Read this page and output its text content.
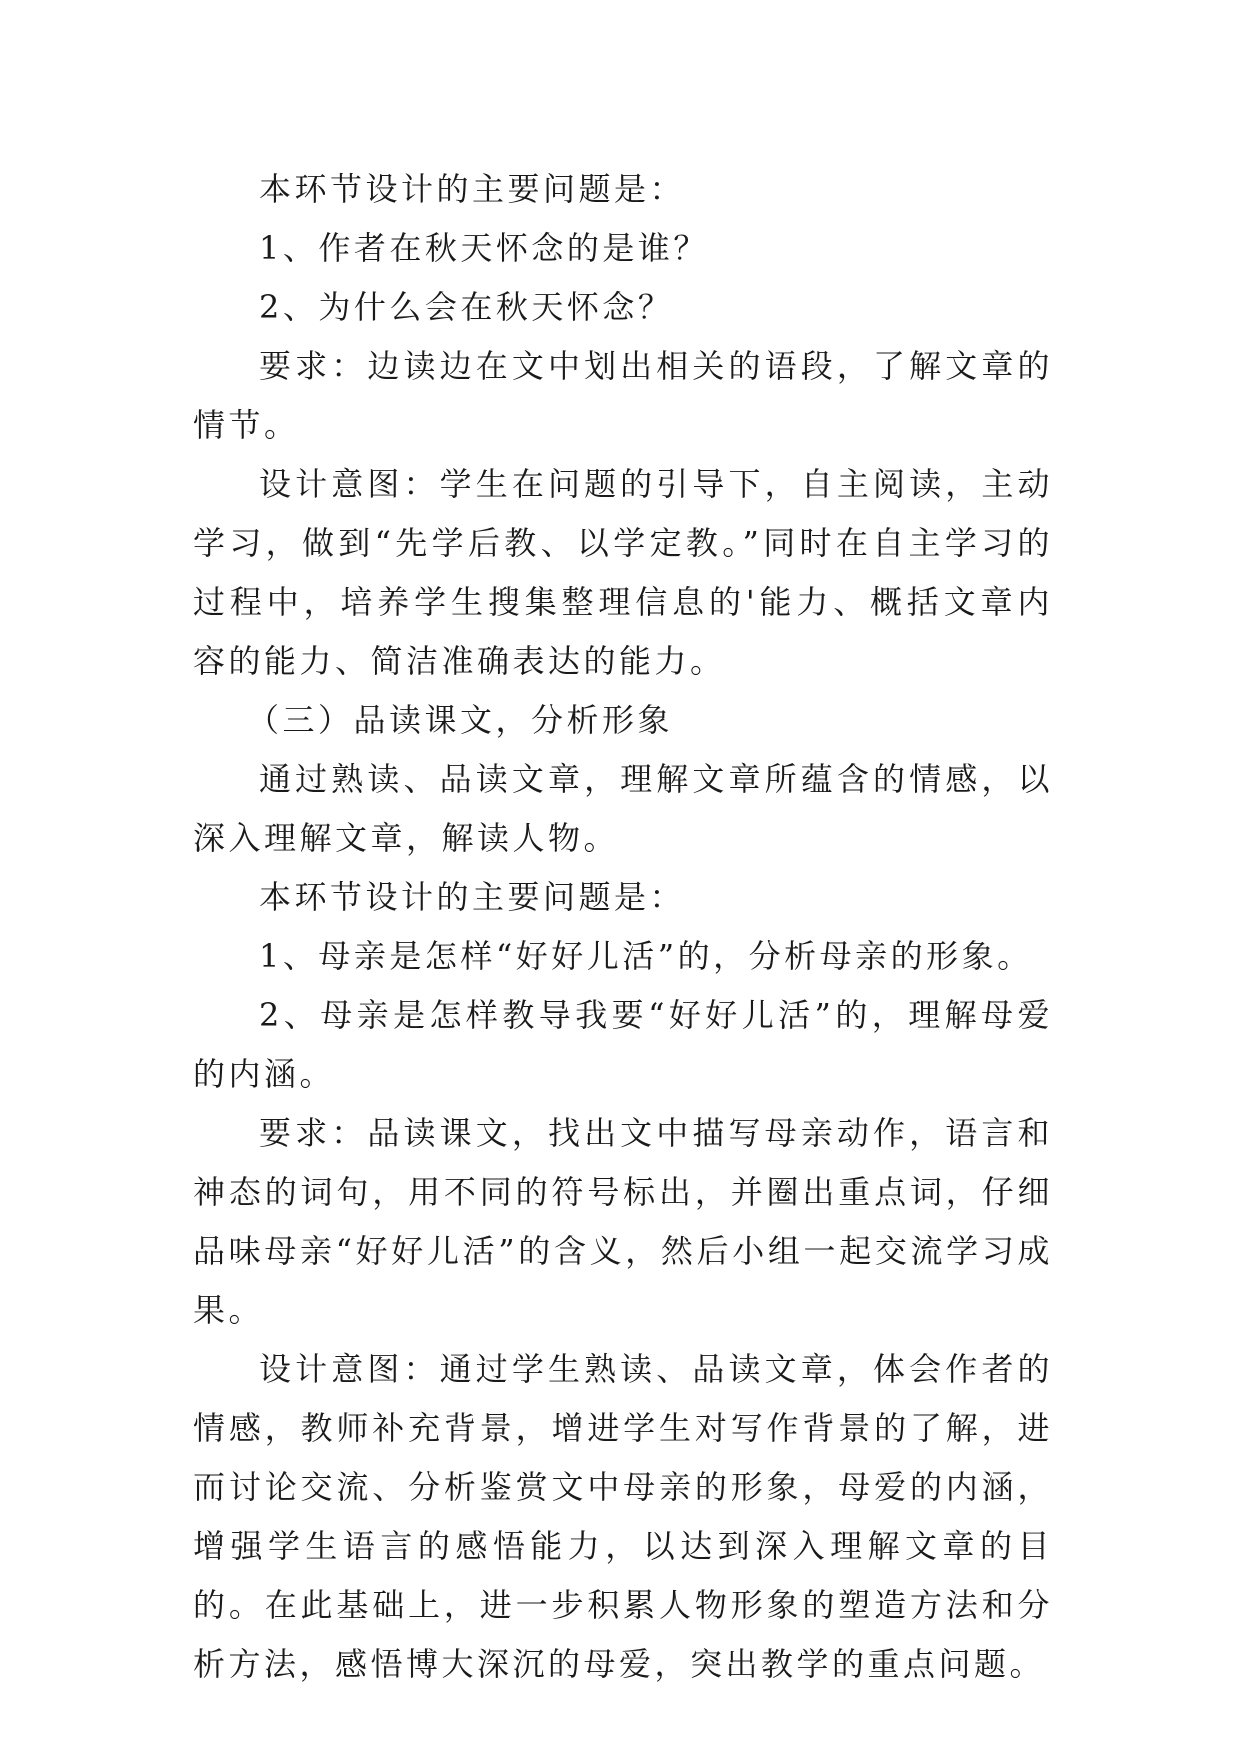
本环节设计的主要问题是：

1、作者在秋天怀念的是谁？

2、为什么会在秋天怀念？

要求：边读边在文中划出相关的语段，了解文章的情节。

设计意图：学生在问题的引导下，自主阅读，主动学习，做到“先学后教、以学定教。”同时在自主学习的过程中，培养学生搜集整理信息的'能力、概括文章内容的能力、简洁准确表达的能力。

（三）品读课文，分析形象

通过熟读、品读文章，理解文章所蕴含的情感，以深入理解文章，解读人物。

本环节设计的主要问题是：

1、母亲是怎样“好好儿活”的，分析母亲的形象。

2、母亲是怎样教导我要“好好儿活”的，理解母爱的内涵。

要求：品读课文，找出文中描写母亲动作，语言和神态的词句，用不同的符号标出，并圈出重点词，仔细品味母亲“好好儿活”的含义，然后小组一起交流学习成果。

设计意图：通过学生熟读、品读文章，体会作者的情感，教师补充背景，增进学生对写作背景的了解，进而讨论交流、分析鉴赏文中母亲的形象，母爱的内涵，增强学生语言的感悟能力，以达到深入理解文章的目的。在此基础上，进一步积累人物形象的塑造方法和分析方法，感悟博大深沉的母爱，突出教学的重点问题。
